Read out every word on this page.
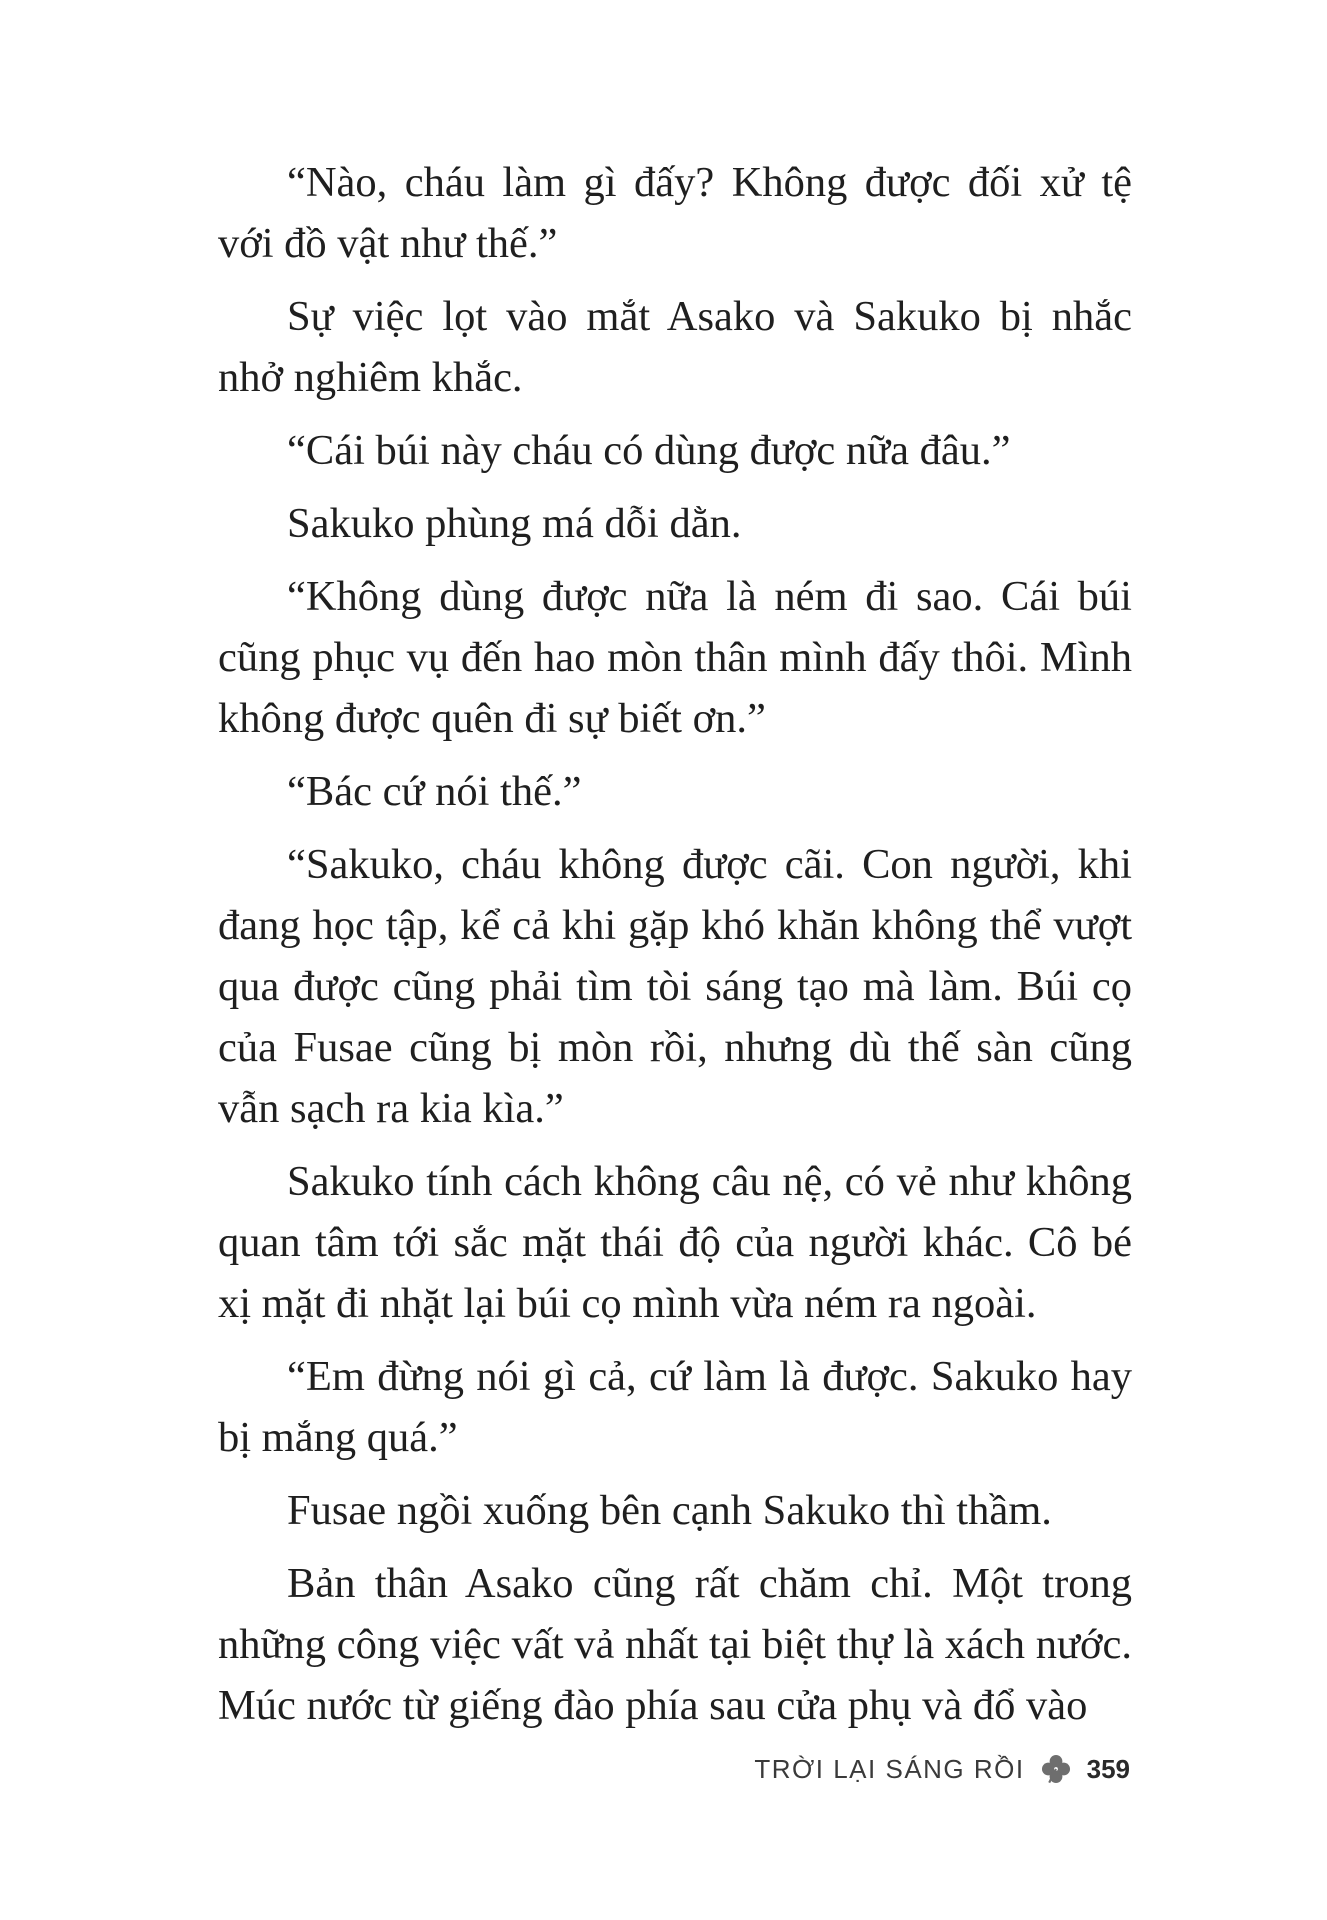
“Nào, cháu làm gì đấy? Không được đối xử tệ với đồ vật như thế.”

Sự việc lọt vào mắt Asako và Sakuko bị nhắc nhở nghiêm khắc.

“Cái búi này cháu có dùng được nữa đâu.”

Sakuko phùng má dỗi dằn.

“Không dùng được nữa là ném đi sao. Cái búi cũng phục vụ đến hao mòn thân mình đấy thôi. Mình không được quên đi sự biết ơn.”

“Bác cứ nói thế.”

“Sakuko, cháu không được cãi. Con người, khi đang học tập, kể cả khi gặp khó khăn không thể vượt qua được cũng phải tìm tòi sáng tạo mà làm. Búi cọ của Fusae cũng bị mòn rồi, nhưng dù thế sàn cũng vẫn sạch ra kia kìa.”

Sakuko tính cách không câu nệ, có vẻ như không quan tâm tới sắc mặt thái độ của người khác. Cô bé xị mặt đi nhặt lại búi cọ mình vừa ném ra ngoài.

“Em đừng nói gì cả, cứ làm là được. Sakuko hay bị mắng quá.”

Fusae ngồi xuống bên cạnh Sakuko thì thầm.

Bản thân Asako cũng rất chăm chỉ. Một trong những công việc vất vả nhất tại biệt thự là xách nước. Múc nước từ giếng đào phía sau cửa phụ và đổ vào

TRỜI LẠI SÁNG RỒI 359
